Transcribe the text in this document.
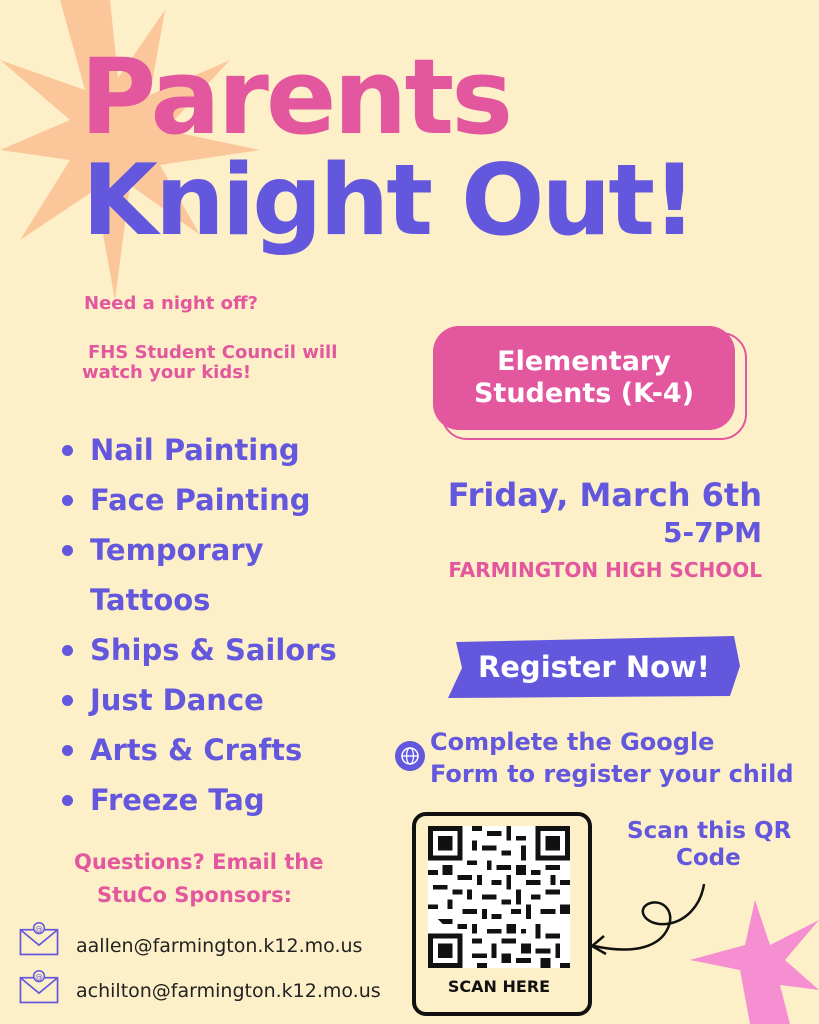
Parents
Knight Out!
Need a night off?
FHS Student Council will
watch your kids!
Nail Painting
Face Painting
Temporary
Tattoos
Ships & Sailors
Just Dance
Arts & Crafts
Freeze Tag
Elementary
Students (K-4)
Friday, March 6th
5-7PM
FARMINGTON HIGH SCHOOL
Register Now!
Complete the Google
Form to register your child
SCAN HERE
Scan this QR
Code
Questions? Email the
StuCo Sponsors:
@
aallen@farmington.k12.mo.us
@
achilton@farmington.k12.mo.us
